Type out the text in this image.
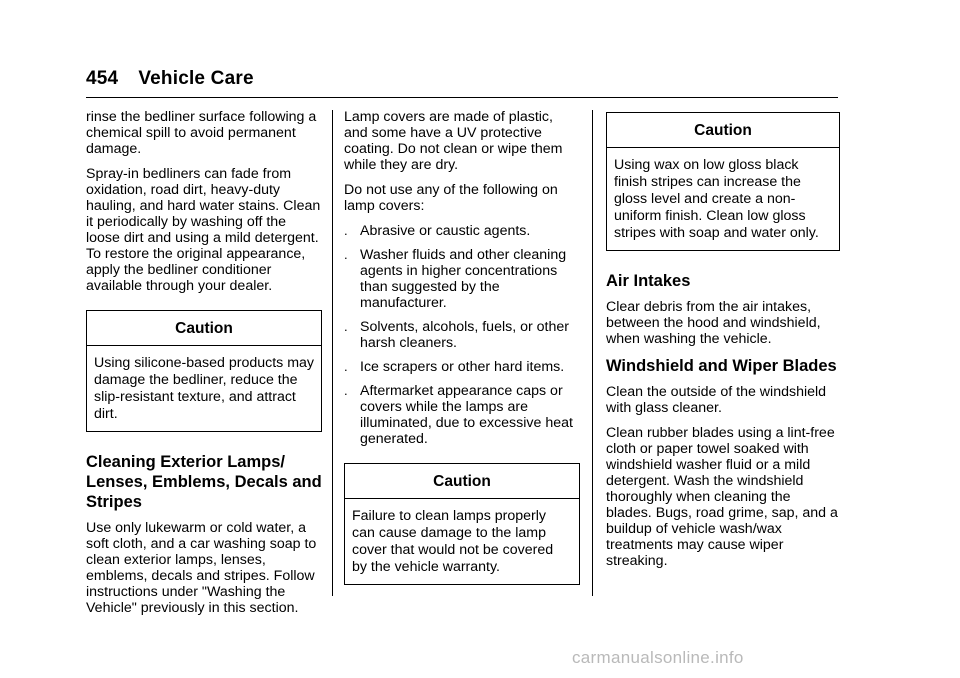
454 Vehicle Care

rinse the bedliner surface following a chemical spill to avoid permanent damage.

Spray-in bedliners can fade from oxidation, road dirt, heavy-duty hauling, and hard water stains. Clean it periodically by washing off the loose dirt and using a mild detergent. To restore the original appearance, apply the bedliner conditioner available through your dealer.

Caution
Using silicone-based products may damage the bedliner, reduce the slip-resistant texture, and attract dirt.
Cleaning Exterior Lamps/ Lenses, Emblems, Decals and Stripes

Use only lukewarm or cold water, a soft cloth, and a car washing soap to clean exterior lamps, lenses, emblems, decals and stripes. Follow instructions under "Washing the Vehicle" previously in this section.

Lamp covers are made of plastic, and some have a UV protective coating. Do not clean or wipe them while they are dry.

Do not use any of the following on lamp covers:

. Abrasive or caustic agents.
. Washer fluids and other cleaning agents in higher concentrations than suggested by the manufacturer.
. Solvents, alcohols, fuels, or other harsh cleaners.
. Ice scrapers or other hard items.
. Aftermarket appearance caps or covers while the lamps are illuminated, due to excessive heat generated.
Caution
Failure to clean lamps properly can cause damage to the lamp cover that would not be covered by the vehicle warranty.
Caution
Using wax on low gloss black finish stripes can increase the gloss level and create a non-uniform finish. Clean low gloss stripes with soap and water only.
Air Intakes

Clear debris from the air intakes, between the hood and windshield, when washing the vehicle.

Windshield and Wiper Blades

Clean the outside of the windshield with glass cleaner.

Clean rubber blades using a lint-free cloth or paper towel soaked with windshield washer fluid or a mild detergent. Wash the windshield thoroughly when cleaning the blades. Bugs, road grime, sap, and a buildup of vehicle wash/wax treatments may cause wiper streaking.

carmanualsonline.info
